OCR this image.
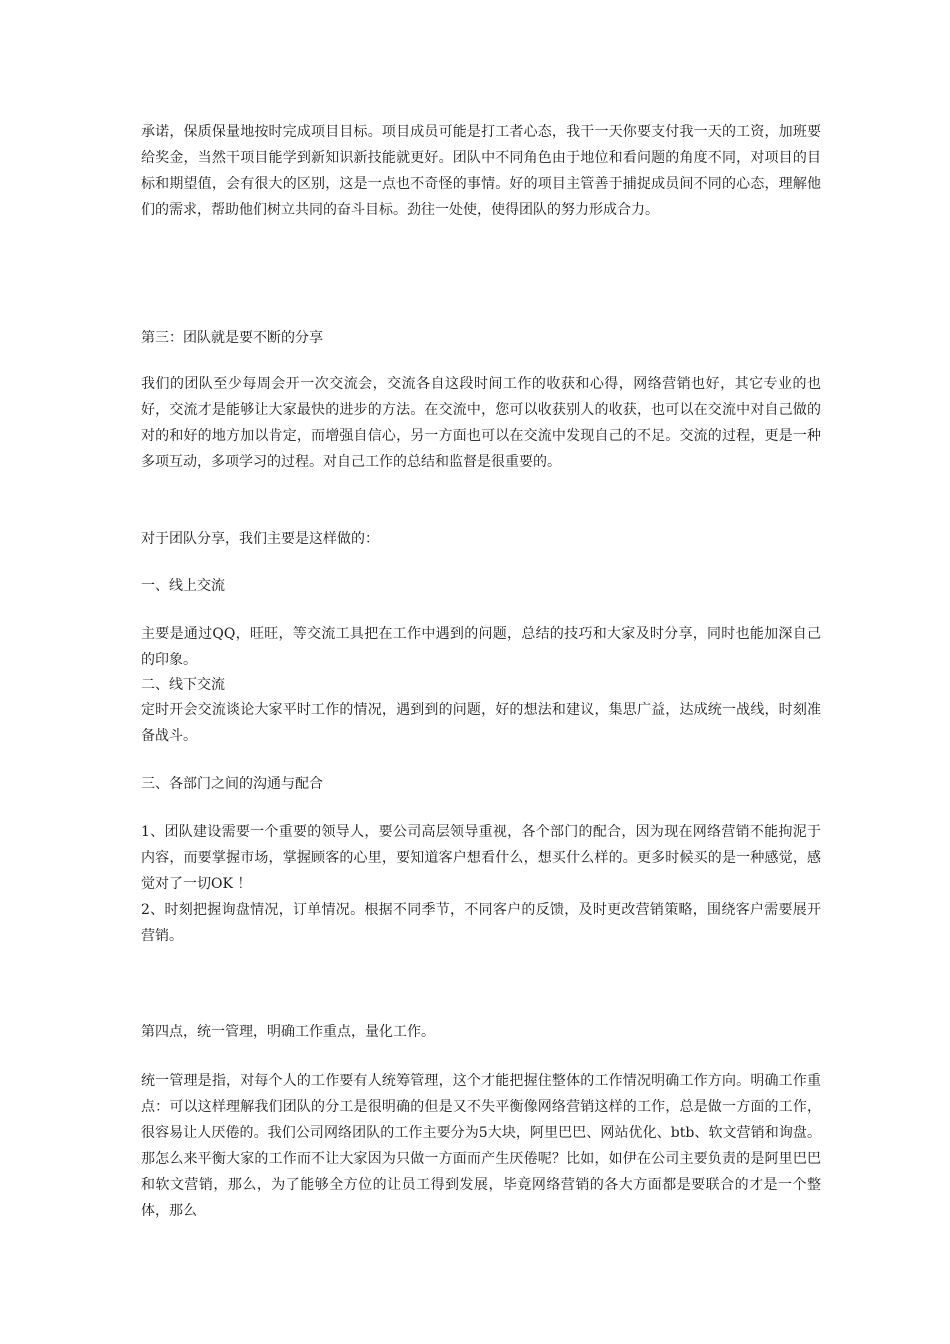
承诺，保质保量地按时完成项目目标。项目成员可能是打工者心态，我干一天你要支付我一天的工资，加班要给奖金，当然干项目能学到新知识新技能就更好。团队中不同角色由于地位和看问题的角度不同，对项目的目标和期望值，会有很大的区别，这是一点也不奇怪的事情。好的项目主管善于捕捉成员间不同的心态，理解他们的需求，帮助他们树立共同的奋斗目标。劲往一处使，使得团队的努力形成合力。

第三：团队就是要不断的分享

我们的团队至少每周会开一次交流会，交流各自这段时间工作的收获和心得，网络营销也好，其它专业的也好，交流才是能够让大家最快的进步的方法。在交流中，您可以收获别人的收获，也可以在交流中对自己做的对的和好的地方加以肯定，而增强自信心，另一方面也可以在交流中发现自己的不足。交流的过程，更是一种多项互动，多项学习的过程。对自己工作的总结和监督是很重要的。

对于团队分享，我们主要是这样做的：

一、线上交流

主要是通过QQ，旺旺，等交流工具把在工作中遇到的问题，总结的技巧和大家及时分享，同时也能加深自己的印象。

二、线下交流

定时开会交流谈论大家平时工作的情况，遇到到的问题，好的想法和建议，集思广益，达成统一战线，时刻准备战斗。

三、各部门之间的沟通与配合

1、团队建设需要一个重要的领导人，要公司高层领导重视，各个部门的配合，因为现在网络营销不能拘泥于内容，而要掌握市场，掌握顾客的心里，要知道客户想看什么，想买什么样的。更多时候买的是一种感觉，感觉对了一切OK ！

2、时刻把握询盘情况，订单情况。根据不同季节，不同客户的反馈，及时更改营销策略，围绕客户需要展开营销。

第四点，统一管理，明确工作重点，量化工作。

统一管理是指，对每个人的工作要有人统筹管理，这个才能把握住整体的工作情况明确工作方向。明确工作重点：可以这样理解我们团队的分工是很明确的但是又不失平衡像网络营销这样的工作，总是做一方面的工作，很容易让人厌倦的。我们公司网络团队的工作主要分为5大块，阿里巴巴、网站优化、btb、软文营销和询盘。那怎么来平衡大家的工作而不让大家因为只做一方面而产生厌倦呢？比如，如伊在公司主要负责的是阿里巴巴和软文营销，那么，为了能够全方位的让员工得到发展，毕竟网络营销的各大方面都是要联合的才是一个整体，那么
